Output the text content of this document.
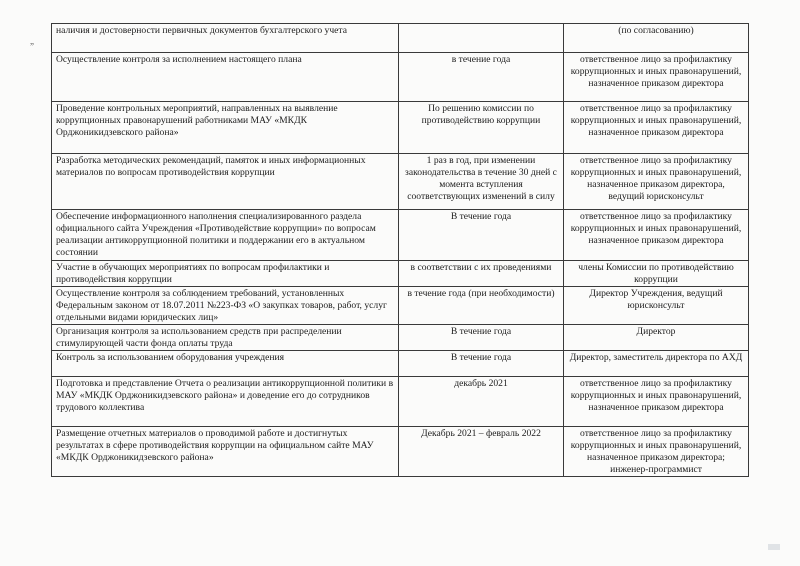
„
наличия и достоверности первичных документов бухгалтерского учета		(по согласованию)
Осуществление контроля за исполнением настоящего плана	в течение года	ответственное лицо за профилактику коррупционных и иных правонарушений, назначенное приказом директора
Проведение контрольных мероприятий, направленных на выявление коррупционных правонарушений работниками МАУ «МКДК Орджоникидзевского района»	По решению комиссии по противодействию коррупции	ответственное лицо за профилактику коррупционных и иных правонарушений, назначенное приказом директора
Разработка методических рекомендаций, памяток и иных информационных материалов по вопросам противодействия коррупции	1 раз в год, при изменении законодательства в течение 30 дней с момента вступления соответствующих изменений в силу	ответственное лицо за профилактику коррупционных и иных правонарушений, назначенное приказом директора, ведущий юрисконсульт
Обеспечение информационного наполнения специализированного раздела официального сайта Учреждения «Противодействие коррупции» по вопросам реализации антикоррупционной политики и поддержании его в актуальном состоянии	В течение года	ответственное лицо за профилактику коррупционных и иных правонарушений, назначенное приказом директора
Участие в обучающих мероприятиях по вопросам профилактики и противодействия коррупции	в соответствии с их проведениями	члены Комиссии по противодействию коррупции
Осуществление контроля за соблюдением требований, установленных Федеральным законом от 18.07.2011 №223-ФЗ «О закупках товаров, работ, услуг отдельными видами юридических лиц»	в течение года (при необходимости)	Директор Учреждения, ведущий юрисконсульт
Организация контроля за использованием средств при распределении стимулирующей части фонда оплаты труда	В течение года	Директор
Контроль за использованием оборудования учреждения	В течение года	Директор, заместитель директора по АХД
Подготовка и представление Отчета о реализации антикоррупционной политики в МАУ «МКДК Орджоникидзевского района» и доведение его до сотрудников трудового коллектива	декабрь 2021	ответственное лицо за профилактику коррупционных и иных правонарушений, назначенное приказом директора
Размещение отчетных материалов о проводимой работе и достигнутых результатах в сфере противодействия коррупции на официальном сайте МАУ «МКДК Орджоникидзевского района»	Декабрь 2021 – февраль 2022	ответственное лицо за профилактику коррупционных и иных правонарушений, назначенное приказом директора; инженер-программист
